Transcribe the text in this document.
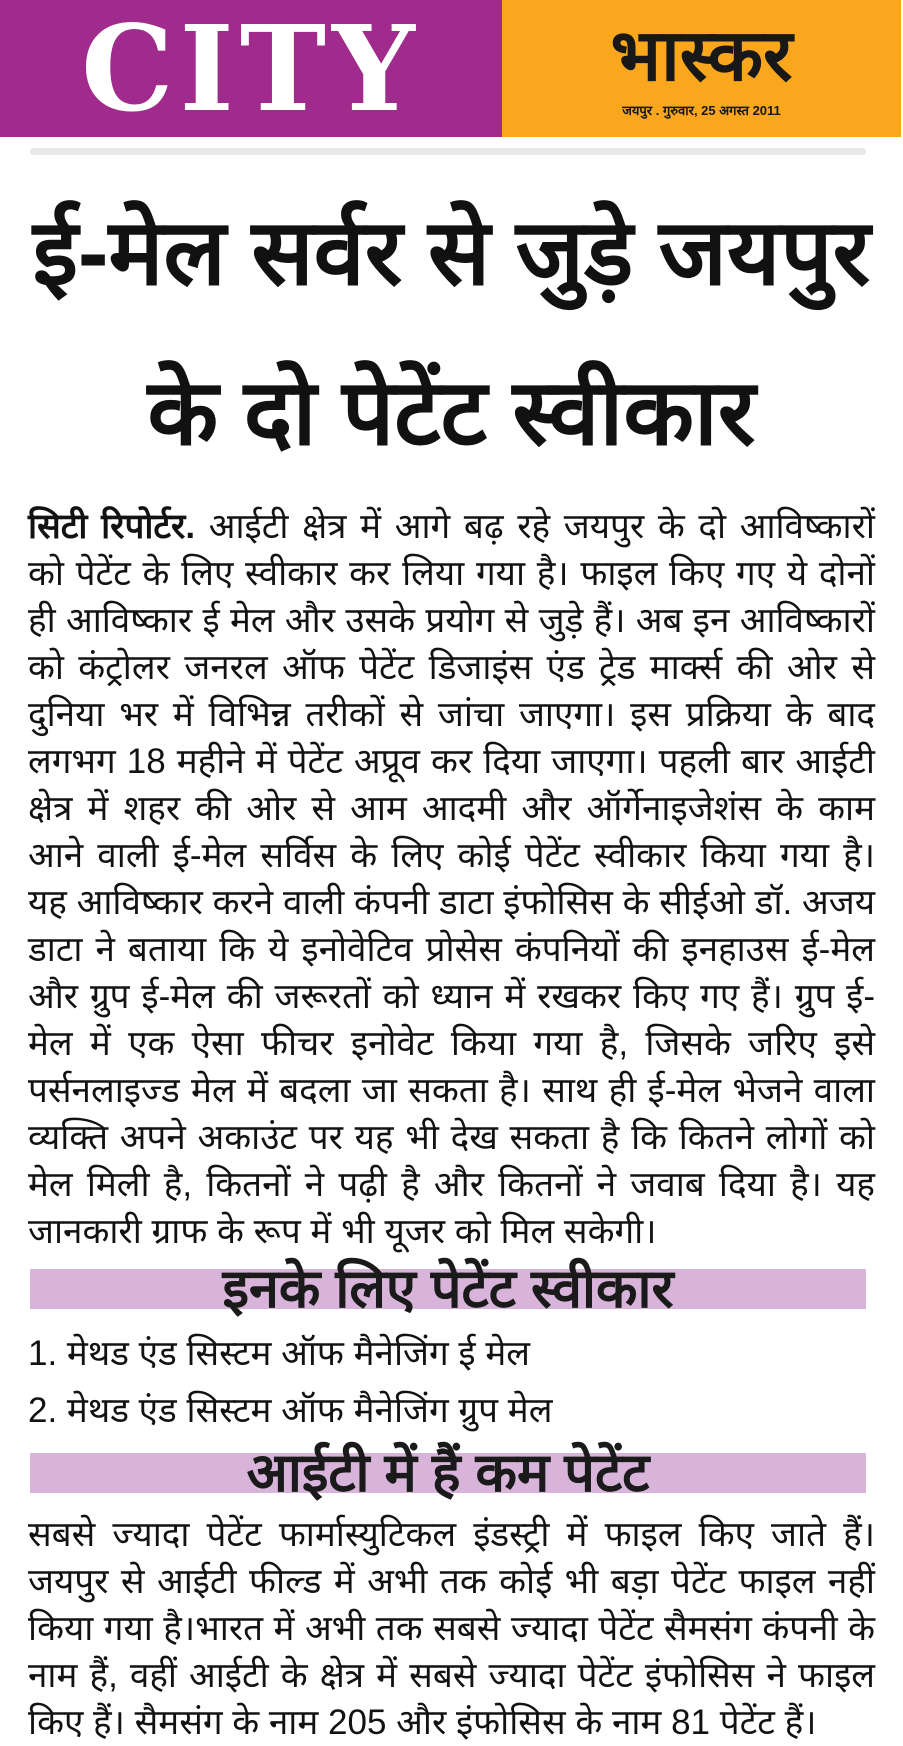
CITY	भास्कर
जयपुर . गुरुवार, 25 अगस्त 2011
ई-मेल सर्वर से जुड़े जयपुर
के दो पेटेंट स्वीकार

सिटी रिपोर्टर. आईटी क्षेत्र में आगे बढ़ रहे जयपुर के दो आविष्कारों को पेटेंट के लिए स्वीकार कर लिया गया है। फाइल किए गए ये दोनों ही आविष्कार ई मेल और उसके प्रयोग से जुड़े हैं। अब इन आविष्कारों को कंट्रोलर जनरल ऑफ पेटेंट डिजाइंस एंड ट्रेड मार्क्स की ओर से दुनिया भर में विभिन्न तरीकों से जांचा जाएगा। इस प्रक्रिया के बाद लगभग 18 महीने में पेटेंट अप्रूव कर दिया जाएगा। पहली बार आईटी क्षेत्र में शहर की ओर से आम आदमी और ऑर्गेनाइजेशंस के काम आने वाली ई-मेल सर्विस के लिए कोई पेटेंट स्वीकार किया गया है। यह आविष्कार करने वाली कंपनी डाटा इंफोसिस के सीईओ डॉ. अजय डाटा ने बताया कि ये इनोवेटिव प्रोसेस कंपनियों की इनहाउस ई-मेल और ग्रुप ई-मेल की जरूरतों को ध्यान में रखकर किए गए हैं। ग्रुप ई-मेल में एक ऐसा फीचर इनोवेट किया गया है, जिसके जरिए इसे पर्सनलाइज्ड मेल में बदला जा सकता है। साथ ही ई-मेल भेजने वाला व्यक्ति अपने अकाउंट पर यह भी देख सकता है कि कितने लोगों को मेल मिली है, कितनों ने पढ़ी है और कितनों ने जवाब दिया है। यह जानकारी ग्राफ के रूप में भी यूजर को मिल सकेगी।

इनके लिए पेटेंट स्वीकार
1. मेथड एंड सिस्टम ऑफ मैनेजिंग ई मेल
2. मेथड एंड सिस्टम ऑफ मैनेजिंग ग्रुप मेल
आईटी में हैं कम पेटेंट

सबसे ज्यादा पेटेंट फार्मास्युटिकल इंडस्ट्री में फाइल किए जाते हैं। जयपुर से आईटी फील्ड में अभी तक कोई भी बड़ा पेटेंट फाइल नहीं किया गया है।भारत में अभी तक सबसे ज्यादा पेटेंट सैमसंग कंपनी के नाम हैं, वहीं आईटी के क्षेत्र में सबसे ज्यादा पेटेंट इंफोसिस ने फाइल किए हैं। सैमसंग के नाम 205 और इंफोसिस के नाम 81 पेटेंट हैं।
